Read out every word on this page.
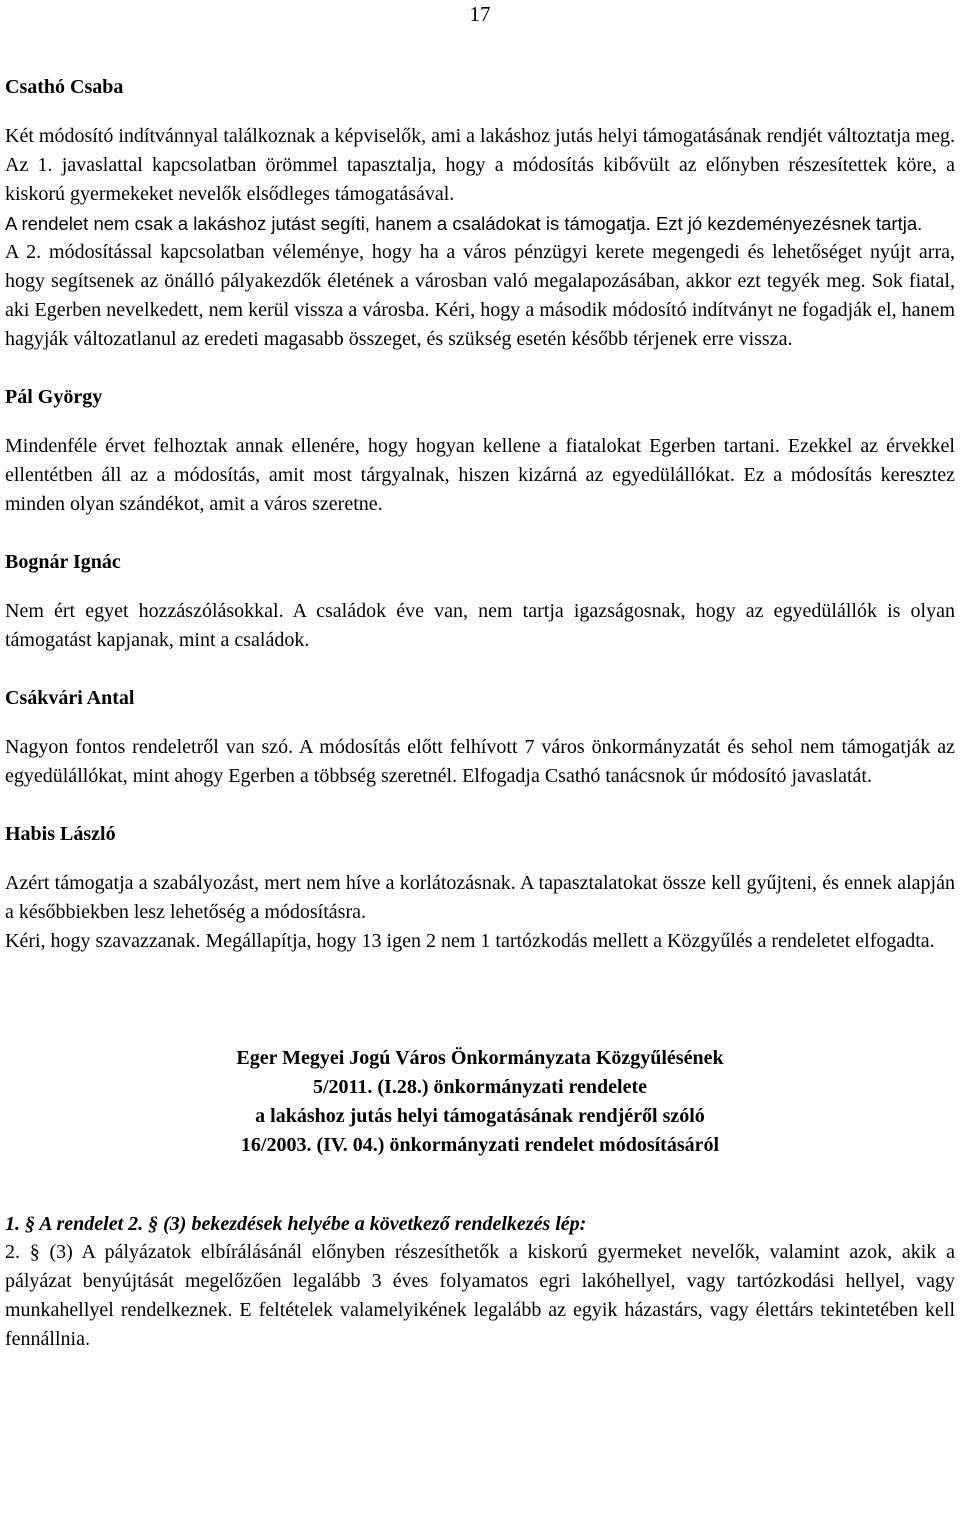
17
Csathó Csaba

Két módosító indítvánnyal találkoznak a képviselők, ami a lakáshoz jutás helyi támogatásának rendjét változtatja meg. Az 1. javaslattal kapcsolatban örömmel tapasztalja, hogy a módosítás kibővült az előnyben részesítettek köre, a kiskorú gyermekeket nevelők elsődleges támogatásával.

A rendelet nem csak a lakáshoz jutást segíti, hanem a családokat is támogatja. Ezt jó kezdeményezésnek tartja.

A 2. módosítással kapcsolatban véleménye, hogy ha a város pénzügyi kerete megengedi és lehetőséget nyújt arra, hogy segítsenek az önálló pályakezdők életének a városban való megalapozásában, akkor ezt tegyék meg. Sok fiatal, aki Egerben nevelkedett, nem kerül vissza a városba. Kéri, hogy a második módosító indítványt ne fogadják el, hanem hagyják változatlanul az eredeti magasabb összeget, és szükség esetén később térjenek erre vissza.

Pál György

Mindenféle érvet felhoztak annak ellenére, hogy hogyan kellene a fiatalokat Egerben tartani. Ezekkel az érvekkel ellentétben áll az a módosítás, amit most tárgyalnak, hiszen kizárná az egyedülállókat. Ez a módosítás keresztez minden olyan szándékot, amit a város szeretne.

Bognár Ignác

Nem ért egyet hozzászólásokkal. A családok éve van, nem tartja igazságosnak, hogy az egyedülállók is olyan támogatást kapjanak, mint a családok.

Csákvári Antal

Nagyon fontos rendeletről van szó. A módosítás előtt felhívott 7 város önkormányzatát és sehol nem támogatják az egyedülállókat, mint ahogy Egerben a többség szeretnél. Elfogadja Csathó tanácsnok úr módosító javaslatát.

Habis László

Azért támogatja a szabályozást, mert nem híve a korlátozásnak. A tapasztalatokat össze kell gyűjteni, és ennek alapján a későbbiekben lesz lehetőség a módosításra.

Kéri, hogy szavazzanak. Megállapítja, hogy 13 igen 2 nem 1 tartózkodás mellett a Közgyűlés a rendeletet elfogadta.

Eger Megyei Jogú Város Önkormányzata Közgyűlésének
5/2011. (I.28.) önkormányzati rendelete
a lakáshoz jutás helyi támogatásának rendjéről szóló
16/2003. (IV. 04.) önkormányzati rendelet módosításáról
1. § A rendelet 2. § (3) bekezdések helyébe a következő rendelkezés lép:

2. § (3) A pályázatok elbírálásánál előnyben részesíthetők a kiskorú gyermeket nevelők, valamint azok, akik a pályázat benyújtását megelőzően legalább 3 éves folyamatos egri lakóhellyel, vagy tartózkodási hellyel, vagy munkahellyel rendelkeznek. E feltételek valamelyikének legalább az egyik házastárs, vagy élettárs tekintetében kell fennállnia.
